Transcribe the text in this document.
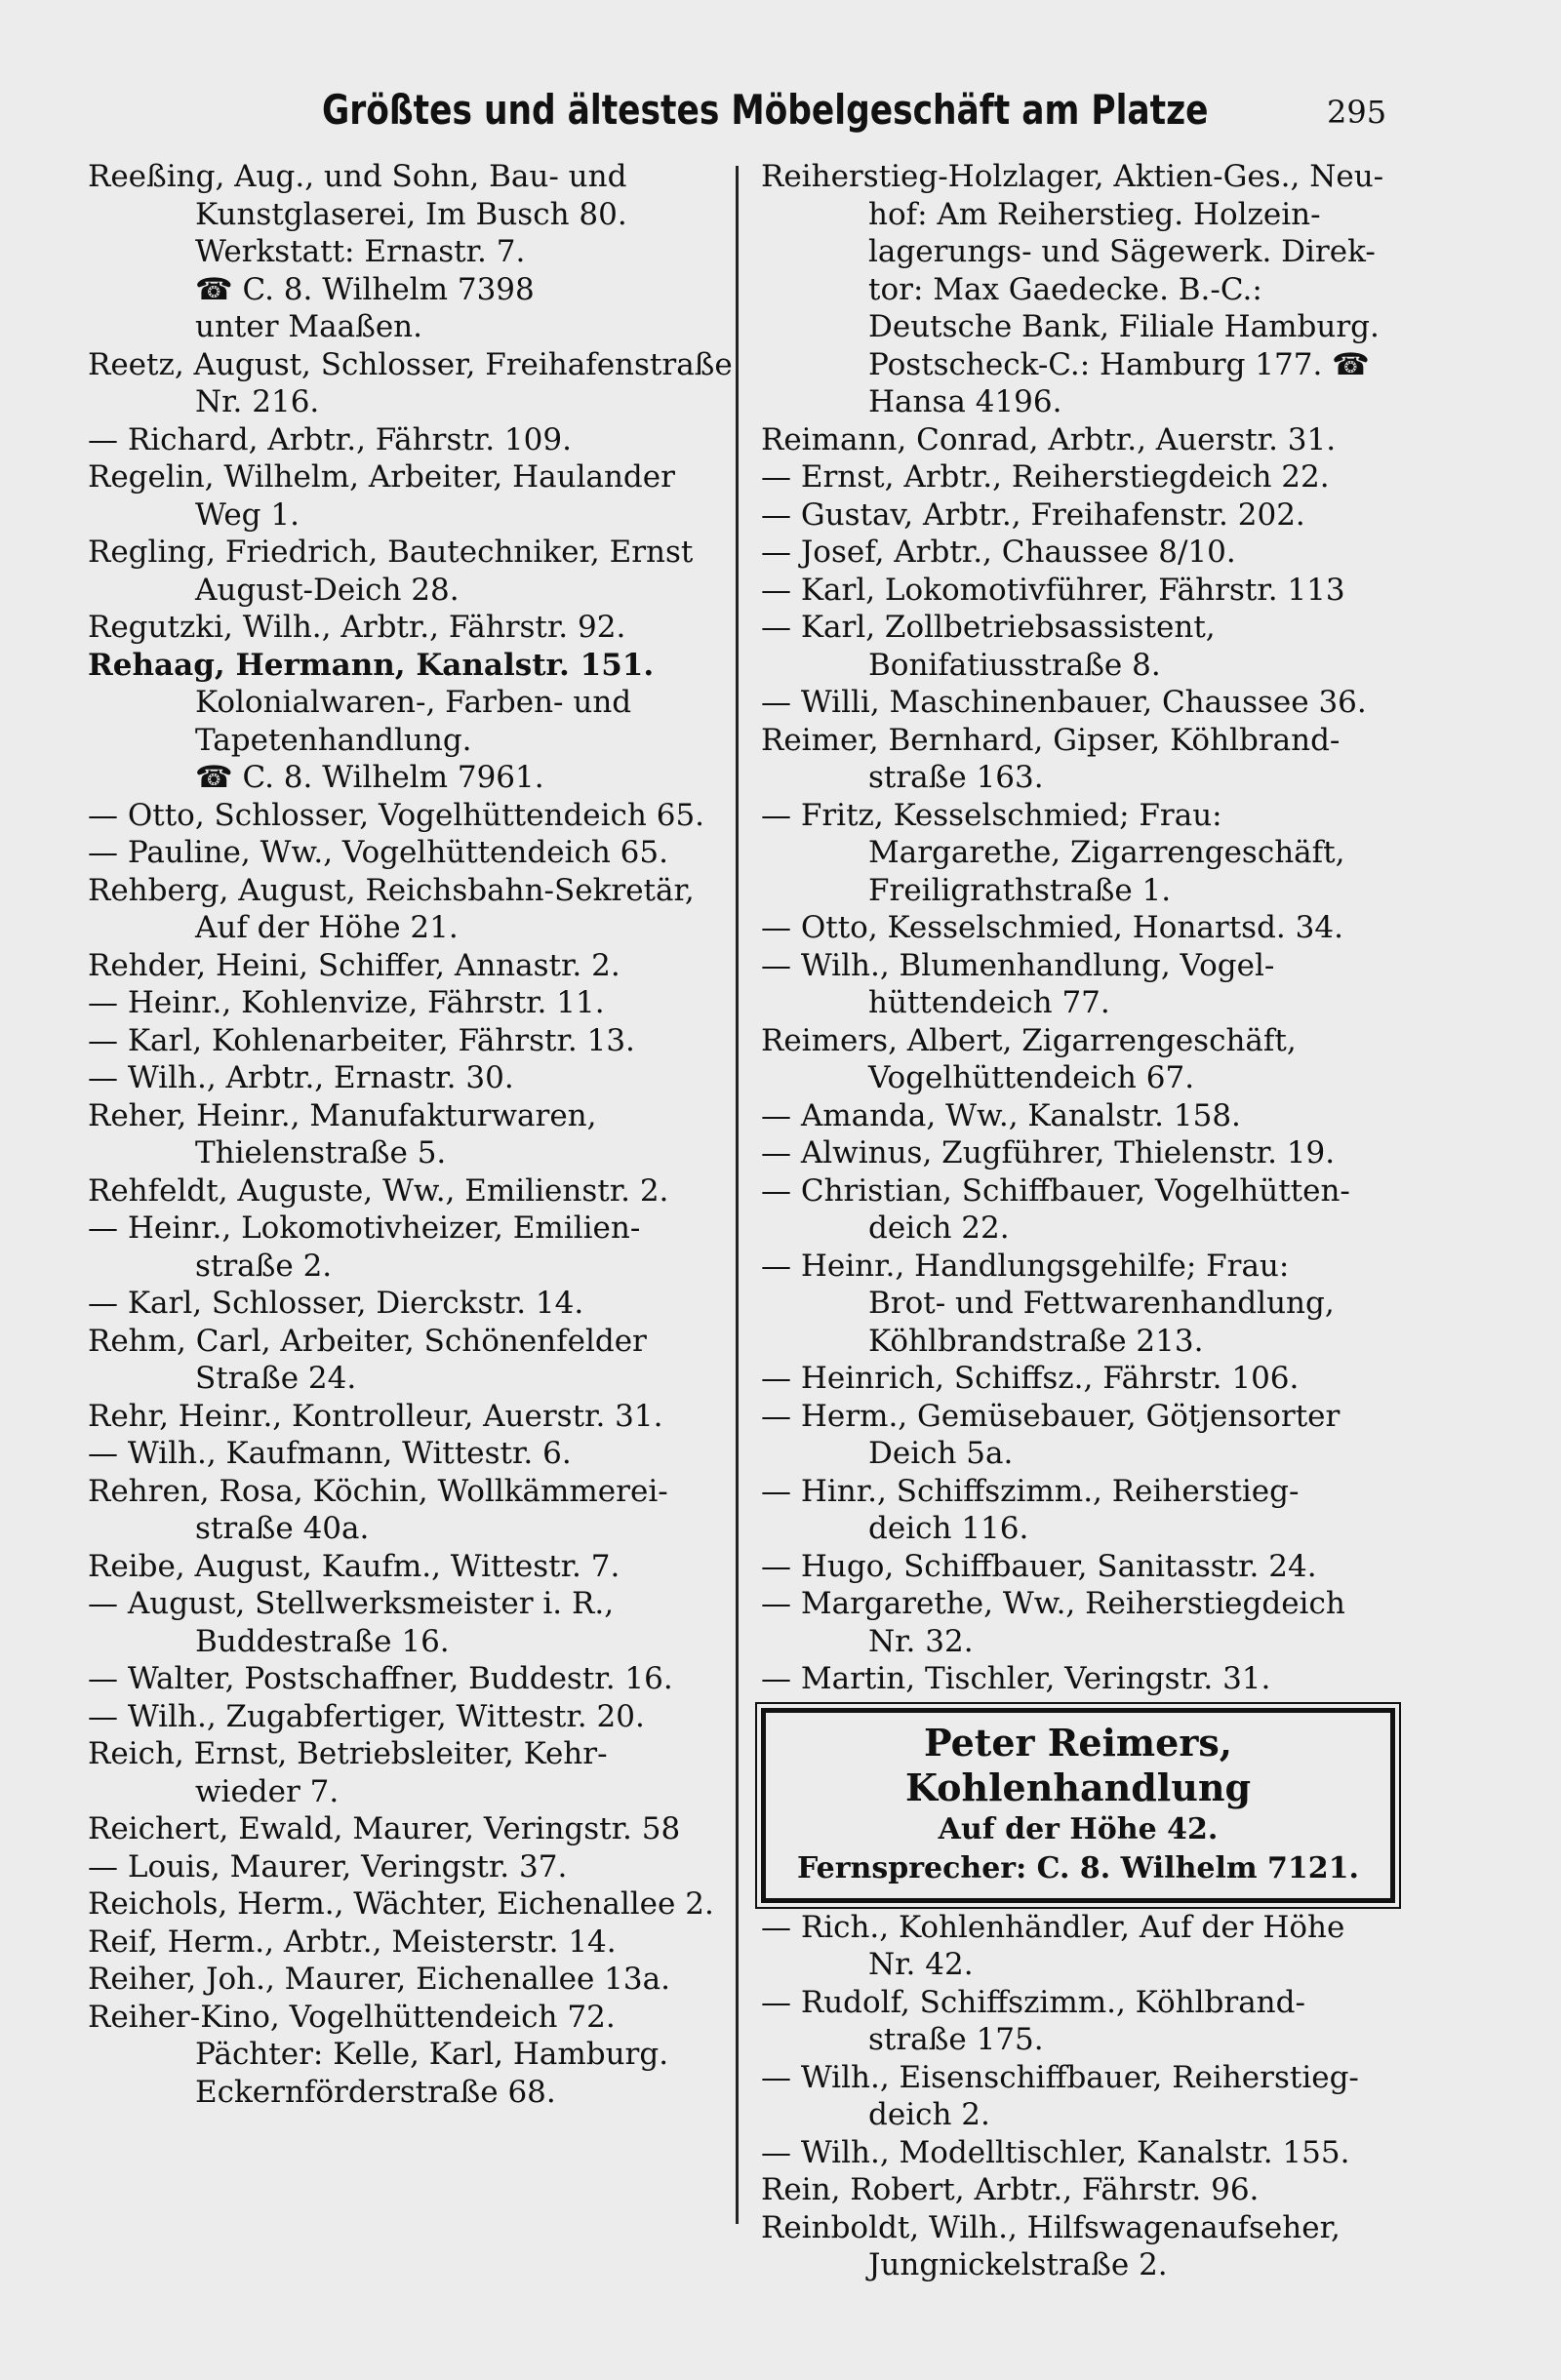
Größtes und ältestes Möbelgeschäft am Platze	295
Reeßing, Aug., und Sohn, Bau- und
Kunstglaserei, Im Busch 80.
Werkstatt: Ernastr. 7.
☎ C. 8. Wilhelm 7398
unter Maaßen.
Reetz, August, Schlosser, Freihafenstraße
Nr. 216.
— Richard, Arbtr., Fährstr. 109.
Regelin, Wilhelm, Arbeiter, Haulander
Weg 1.
Regling, Friedrich, Bautechniker, Ernst
August-Deich 28.
Regutzki, Wilh., Arbtr., Fährstr. 92.
Rehaag, Hermann, Kanalstr. 151.
Kolonialwaren-, Farben- und
Tapetenhandlung.
☎ C. 8. Wilhelm 7961.
— Otto, Schlosser, Vogelhüttendeich 65.
— Pauline, Ww., Vogelhüttendeich 65.
Rehberg, August, Reichsbahn-Sekretär,
Auf der Höhe 21.
Rehder, Heini, Schiffer, Annastr. 2.
— Heinr., Kohlenvize, Fährstr. 11.
— Karl, Kohlenarbeiter, Fährstr. 13.
— Wilh., Arbtr., Ernastr. 30.
Reher, Heinr., Manufakturwaren,
Thielenstraße 5.
Rehfeldt, Auguste, Ww., Emilienstr. 2.
— Heinr., Lokomotivheizer, Emilien-
straße 2.
— Karl, Schlosser, Dierckstr. 14.
Rehm, Carl, Arbeiter, Schönenfelder
Straße 24.
Rehr, Heinr., Kontrolleur, Auerstr. 31.
— Wilh., Kaufmann, Wittestr. 6.
Rehren, Rosa, Köchin, Wollkämmerei-
straße 40a.
Reibe, August, Kaufm., Wittestr. 7.
— August, Stellwerksmeister i. R.,
Buddestraße 16.
— Walter, Postschaffner, Buddestr. 16.
— Wilh., Zugabfertiger, Wittestr. 20.
Reich, Ernst, Betriebsleiter, Kehr-
wieder 7.
Reichert, Ewald, Maurer, Veringstr. 58
— Louis, Maurer, Veringstr. 37.
Reichols, Herm., Wächter, Eichenallee 2.
Reif, Herm., Arbtr., Meisterstr. 14.
Reiher, Joh., Maurer, Eichenallee 13a.
Reiher-Kino, Vogelhüttendeich 72.
Pächter: Kelle, Karl, Hamburg.
Eckernförderstraße 68.
Reiherstieg-Holzlager, Aktien-Ges., Neu-
hof: Am Reiherstieg. Holzein-
lagerungs- und Sägewerk. Direk-
tor: Max Gaedecke. B.-C.:
Deutsche Bank, Filiale Hamburg.
Postscheck-C.: Hamburg 177. ☎
Hansa 4196.
Reimann, Conrad, Arbtr., Auerstr. 31.
— Ernst, Arbtr., Reiherstiegdeich 22.
— Gustav, Arbtr., Freihafenstr. 202.
— Josef, Arbtr., Chaussee 8/10.
— Karl, Lokomotivführer, Fährstr. 113
— Karl, Zollbetriebsassistent,
Bonifatiusstraße 8.
— Willi, Maschinenbauer, Chaussee 36.
Reimer, Bernhard, Gipser, Köhlbrand-
straße 163.
— Fritz, Kesselschmied; Frau:
Margarethe, Zigarrengeschäft,
Freiligrathstraße 1.
— Otto, Kesselschmied, Honartsd. 34.
— Wilh., Blumenhandlung, Vogel-
hüttendeich 77.
Reimers, Albert, Zigarrengeschäft,
Vogelhüttendeich 67.
— Amanda, Ww., Kanalstr. 158.
— Alwinus, Zugführer, Thielenstr. 19.
— Christian, Schiffbauer, Vogelhütten-
deich 22.
— Heinr., Handlungsgehilfe; Frau:
Brot- und Fettwarenhandlung,
Köhlbrandstraße 213.
— Heinrich, Schiffsz., Fährstr. 106.
— Herm., Gemüsebauer, Götjensorter
Deich 5a.
— Hinr., Schiffszimm., Reiherstieg-
deich 116.
— Hugo, Schiffbauer, Sanitasstr. 24.
— Margarethe, Ww., Reiherstiegdeich
Nr. 32.
— Martin, Tischler, Veringstr. 31.
Peter Reimers, Kohlenhandlung
Auf der Höhe 42.
Fernsprecher: C. 8. Wilhelm 7121.
— Rich., Kohlenhändler, Auf der Höhe
Nr. 42.
— Rudolf, Schiffszimm., Köhlbrand-
straße 175.
— Wilh., Eisenschiffbauer, Reiherstieg-
deich 2.
— Wilh., Modelltischler, Kanalstr. 155.
Rein, Robert, Arbtr., Fährstr. 96.
Reinboldt, Wilh., Hilfswagenaufseher,
Jungnickelstraße 2.
